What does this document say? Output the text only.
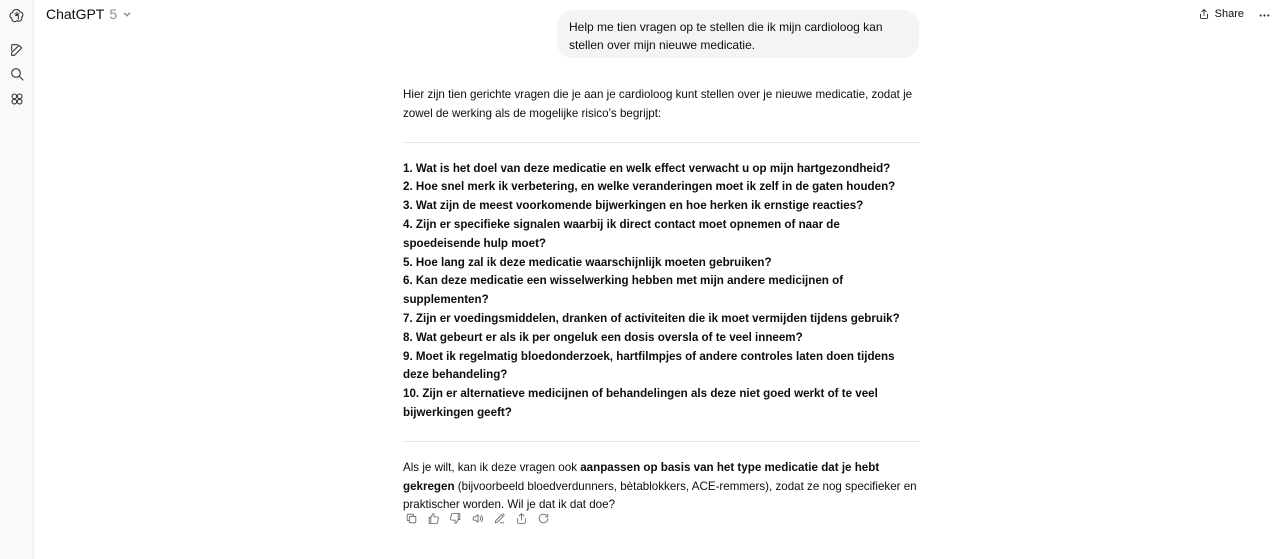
ChatGPT 5	Share
Help me tien vragen op te stellen die ik mijn cardioloog kan stellen over mijn nieuwe medicatie.

Hier zijn tien gerichte vragen die je aan je cardioloog kunt stellen over je nieuwe medicatie, zodat je zowel de werking als de mogelijke risico’s begrijpt:

1. Wat is het doel van deze medicatie en welk effect verwacht u op mijn hartgezondheid?
2. Hoe snel merk ik verbetering, en welke veranderingen moet ik zelf in de gaten houden?
3. Wat zijn de meest voorkomende bijwerkingen en hoe herken ik ernstige reacties?
4. Zijn er specifieke signalen waarbij ik direct contact moet opnemen of naar de spoedeisende hulp moet?
5. Hoe lang zal ik deze medicatie waarschijnlijk moeten gebruiken?
6. Kan deze medicatie een wisselwerking hebben met mijn andere medicijnen of supplementen?
7. Zijn er voedingsmiddelen, dranken of activiteiten die ik moet vermijden tijdens gebruik?
8. Wat gebeurt er als ik per ongeluk een dosis oversla of te veel inneem?
9. Moet ik regelmatig bloedonderzoek, hartfilmpjes of andere controles laten doen tijdens deze behandeling?
10. Zijn er alternatieve medicijnen of behandelingen als deze niet goed werkt of te veel bijwerkingen geeft?

Als je wilt, kan ik deze vragen ook aanpassen op basis van het type medicatie dat je hebt gekregen (bijvoorbeeld bloedverdunners, bètablokkers, ACE-remmers), zodat ze nog specifieker en praktischer worden. Wil je dat ik dat doe?
